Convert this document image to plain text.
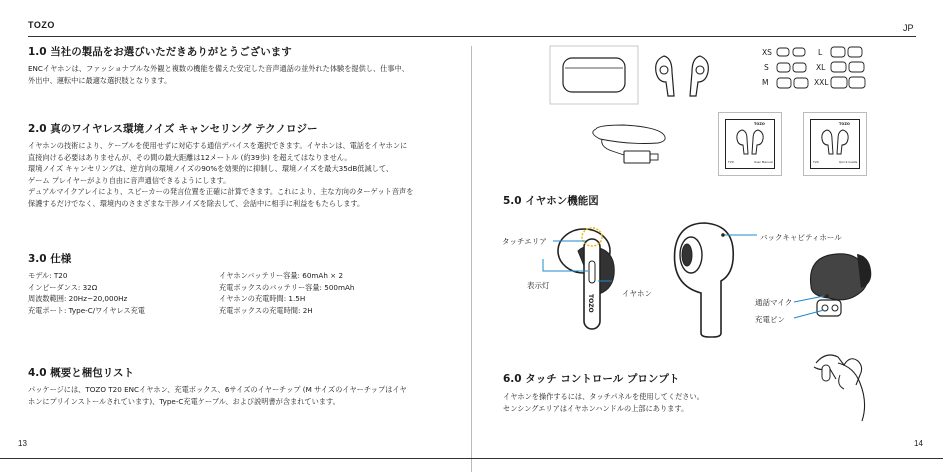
TOZO	JP
1.0 当社の製品をお選びいただきありがとうございます
ENCイヤホンは、ファッショナブルな外観と複数の機能を備えた安定した音声通話の並外れた体験を提供し、仕事中、
外出中、運転中に最適な選択肢となります。
2.0 真のワイヤレス環境ノイズ キャンセリング テクノロジー
イヤホンの技術により、ケーブルを使用せずに対応する通信デバイスを選択できます。イヤホンは、電話をイヤホンに
直接向ける必要はありませんが、その間の最大距離は12メートル (約39歩) を超えてはなりません。
環境ノイズ キャンセリングは、逆方向の環境ノイズの90%を効果的に抑制し、環境ノイズを最大35dB低減して、
ゲーム プレイヤーがより自由に音声通信できるようにします。
デュアルマイクアレイにより、スピーカーの発言位置を正確に計算できます。これにより、主な方向のターゲット音声を
保護するだけでなく、環境内のさまざまな干渉ノイズを除去して、会話中に相手に利益をもたらします。
3.0 仕様
モデル: T20
インピーダンス: 32Ω
周波数範囲: 20Hz~20,000Hz
充電ポート: Type-C/ワイヤレス充電
イヤホンバッテリー容量: 60mAh × 2
充電ボックスのバッテリー容量: 500mAh
イヤホンの充電時間: 1.5H
充電ボックスの充電時間: 2H
4.0 概要と梱包リスト
パッケージには、TOZO T20 ENCイヤホン、充電ボックス、6サイズのイヤーチップ (M サイズのイヤーチップはイヤ
ホンにプリインストールされています)、Type-C充電ケーブル、および説明書が含まれています。
13
XS
S
M
L
XL
XXL
TOZO
T20	User Manual
TOZO
T20	Quick Guide
5.0 イヤホン機能図
TOZO
タッチエリア
表示灯
イヤホン
バックキャビティホール
通話マイク
充電ピン
6.0 タッチ コントロール プロンプト
イヤホンを操作するには、タッチパネルを使用してください。
センシングエリアはイヤホンハンドルの上部にあります。
14
